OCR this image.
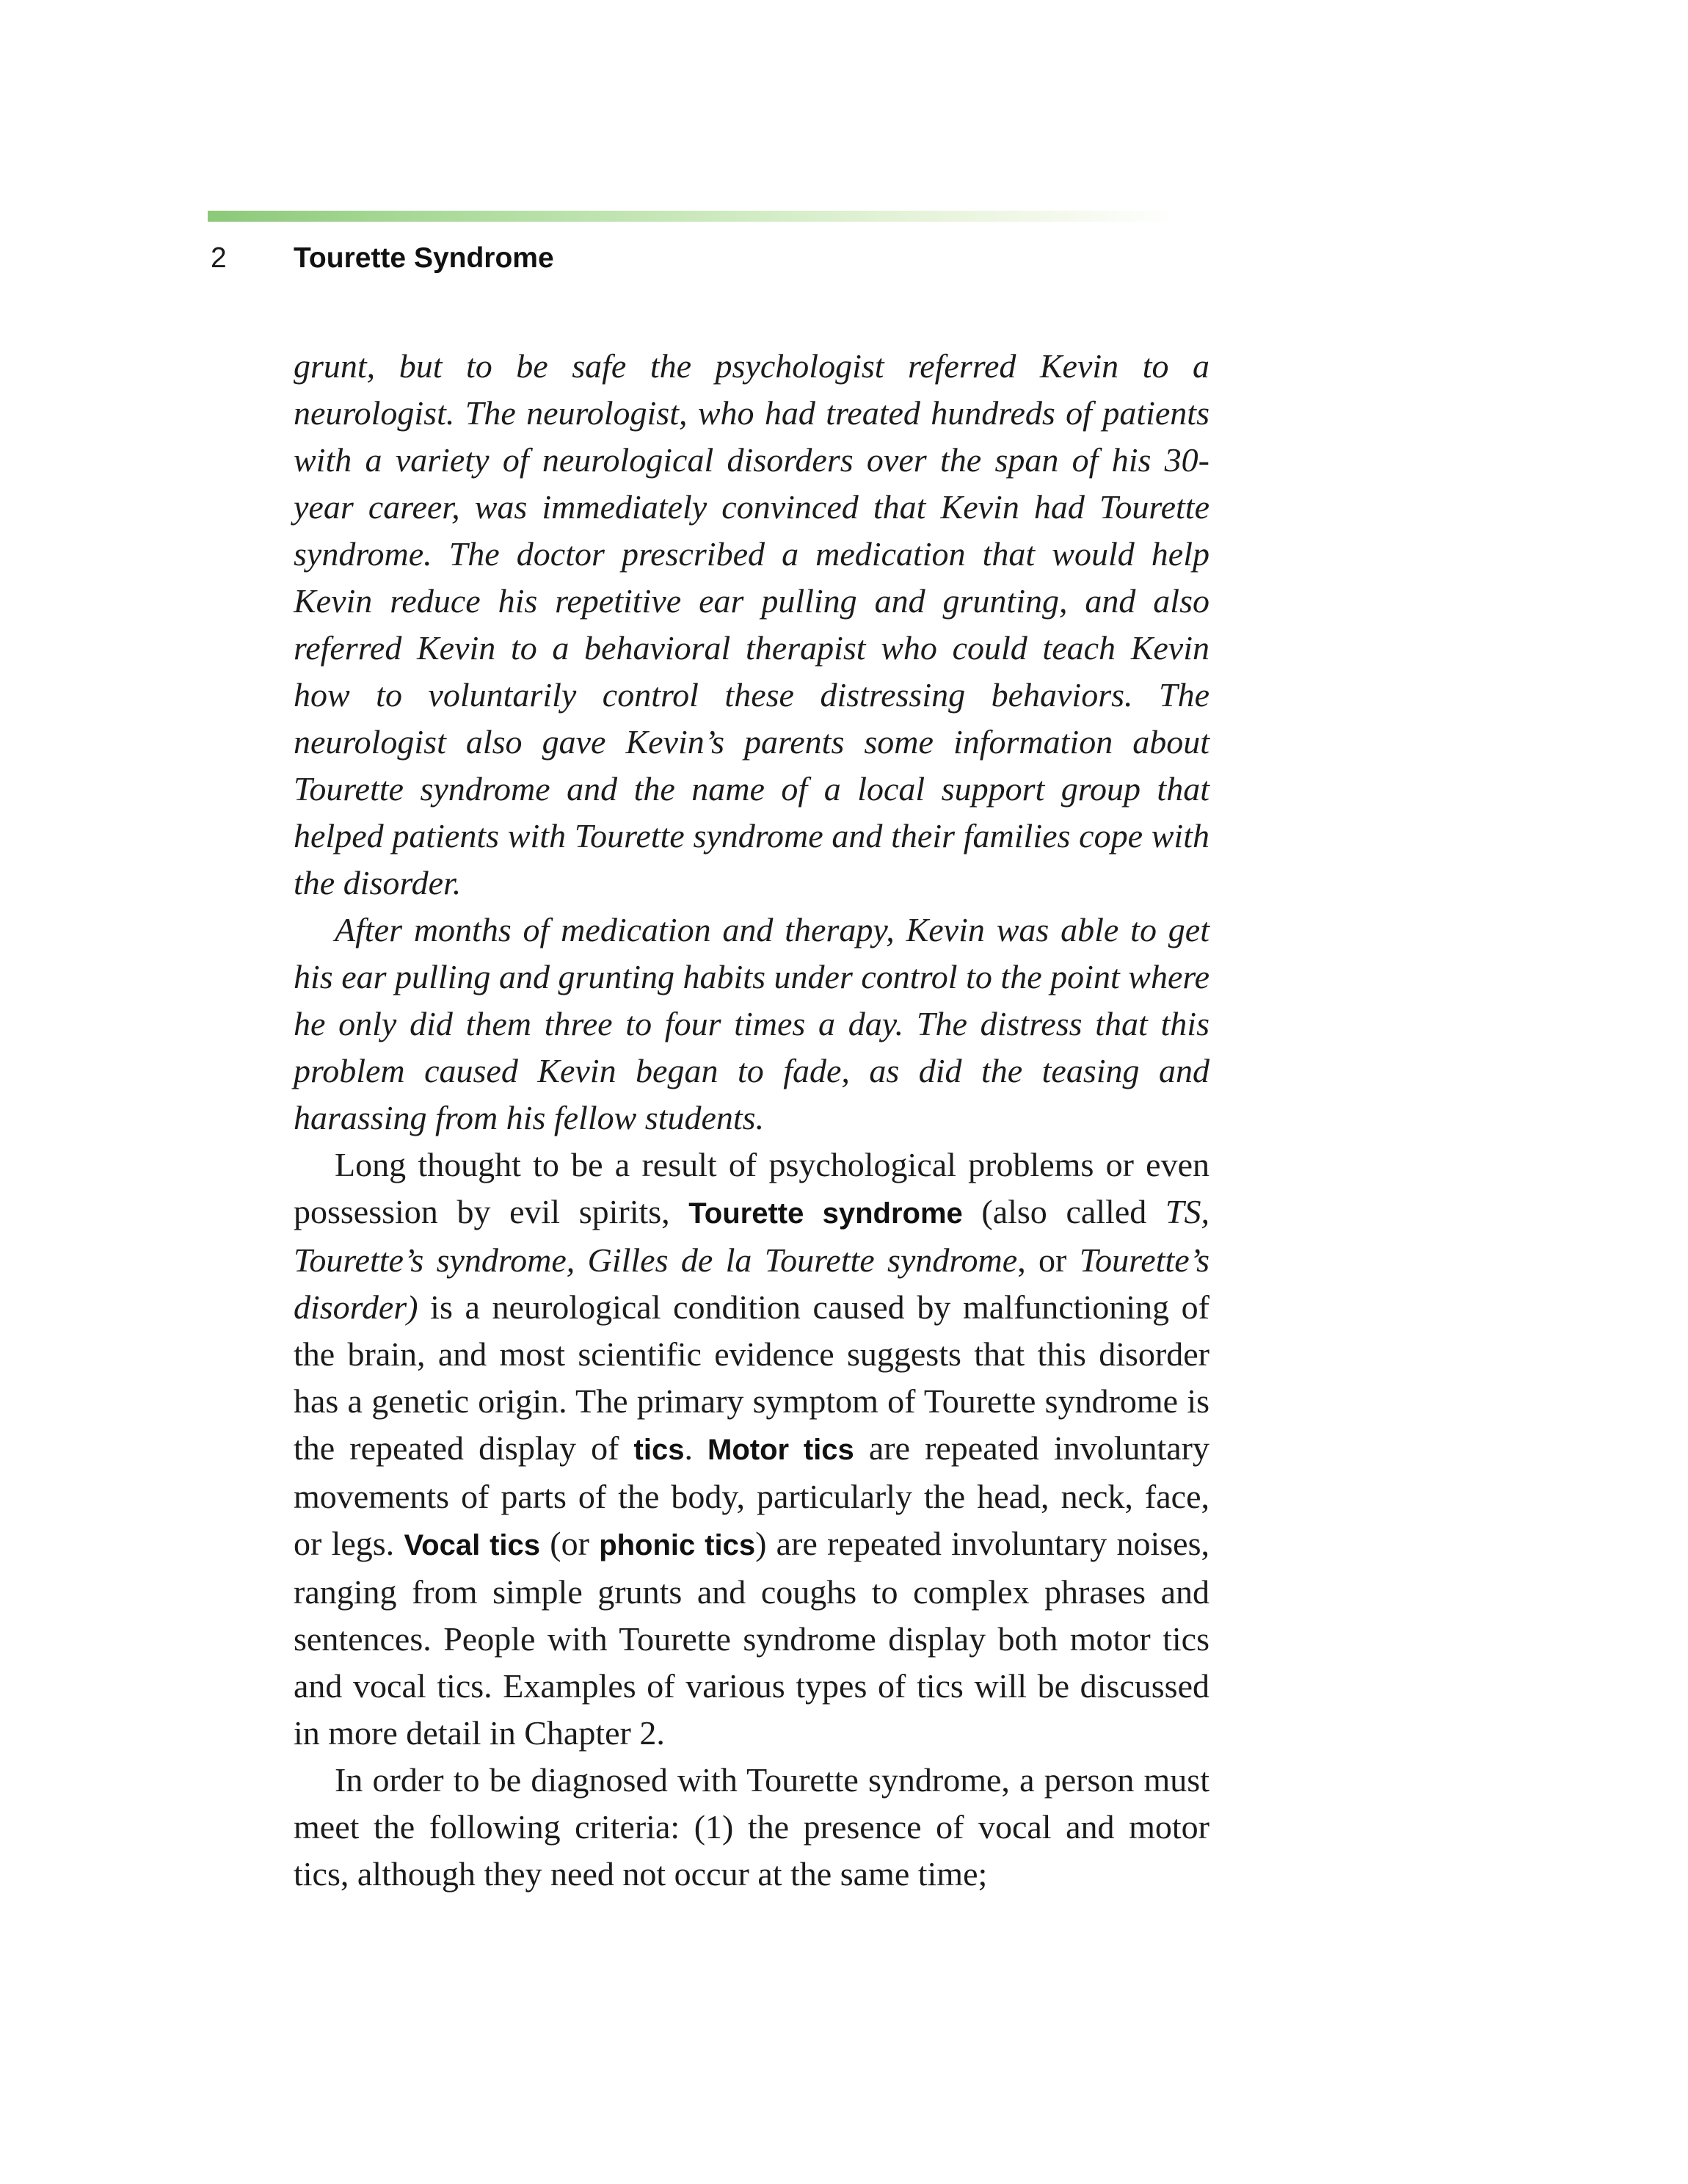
2 Tourette Syndrome

grunt, but to be safe the psychologist referred Kevin to a neurologist. The neurologist, who had treated hundreds of patients with a variety of neurological disorders over the span of his 30-year career, was immediately convinced that Kevin had Tourette syndrome. The doctor prescribed a medication that would help Kevin reduce his repetitive ear pulling and grunting, and also referred Kevin to a behavioral therapist who could teach Kevin how to voluntarily control these distressing behaviors. The neurologist also gave Kevin’s parents some information about Tourette syndrome and the name of a local support group that helped patients with Tourette syndrome and their families cope with the disorder.

After months of medication and therapy, Kevin was able to get his ear pulling and grunting habits under control to the point where he only did them three to four times a day. The distress that this problem caused Kevin began to fade, as did the teasing and harassing from his fellow students.

Long thought to be a result of psychological problems or even possession by evil spirits, Tourette syndrome (also called TS, Tourette’s syndrome, Gilles de la Tourette syndrome, or Tourette’s disorder) is a neurological condition caused by malfunctioning of the brain, and most scientific evidence suggests that this disorder has a genetic origin. The primary symptom of Tourette syndrome is the repeated display of tics. Motor tics are repeated involuntary movements of parts of the body, particularly the head, neck, face, or legs. Vocal tics (or phonic tics) are repeated involuntary noises, ranging from simple grunts and coughs to complex phrases and sentences. People with Tourette syndrome display both motor tics and vocal tics. Examples of various types of tics will be discussed in more detail in Chapter 2.

In order to be diagnosed with Tourette syndrome, a person must meet the following criteria: (1) the presence of vocal and motor tics, although they need not occur at the same time;
